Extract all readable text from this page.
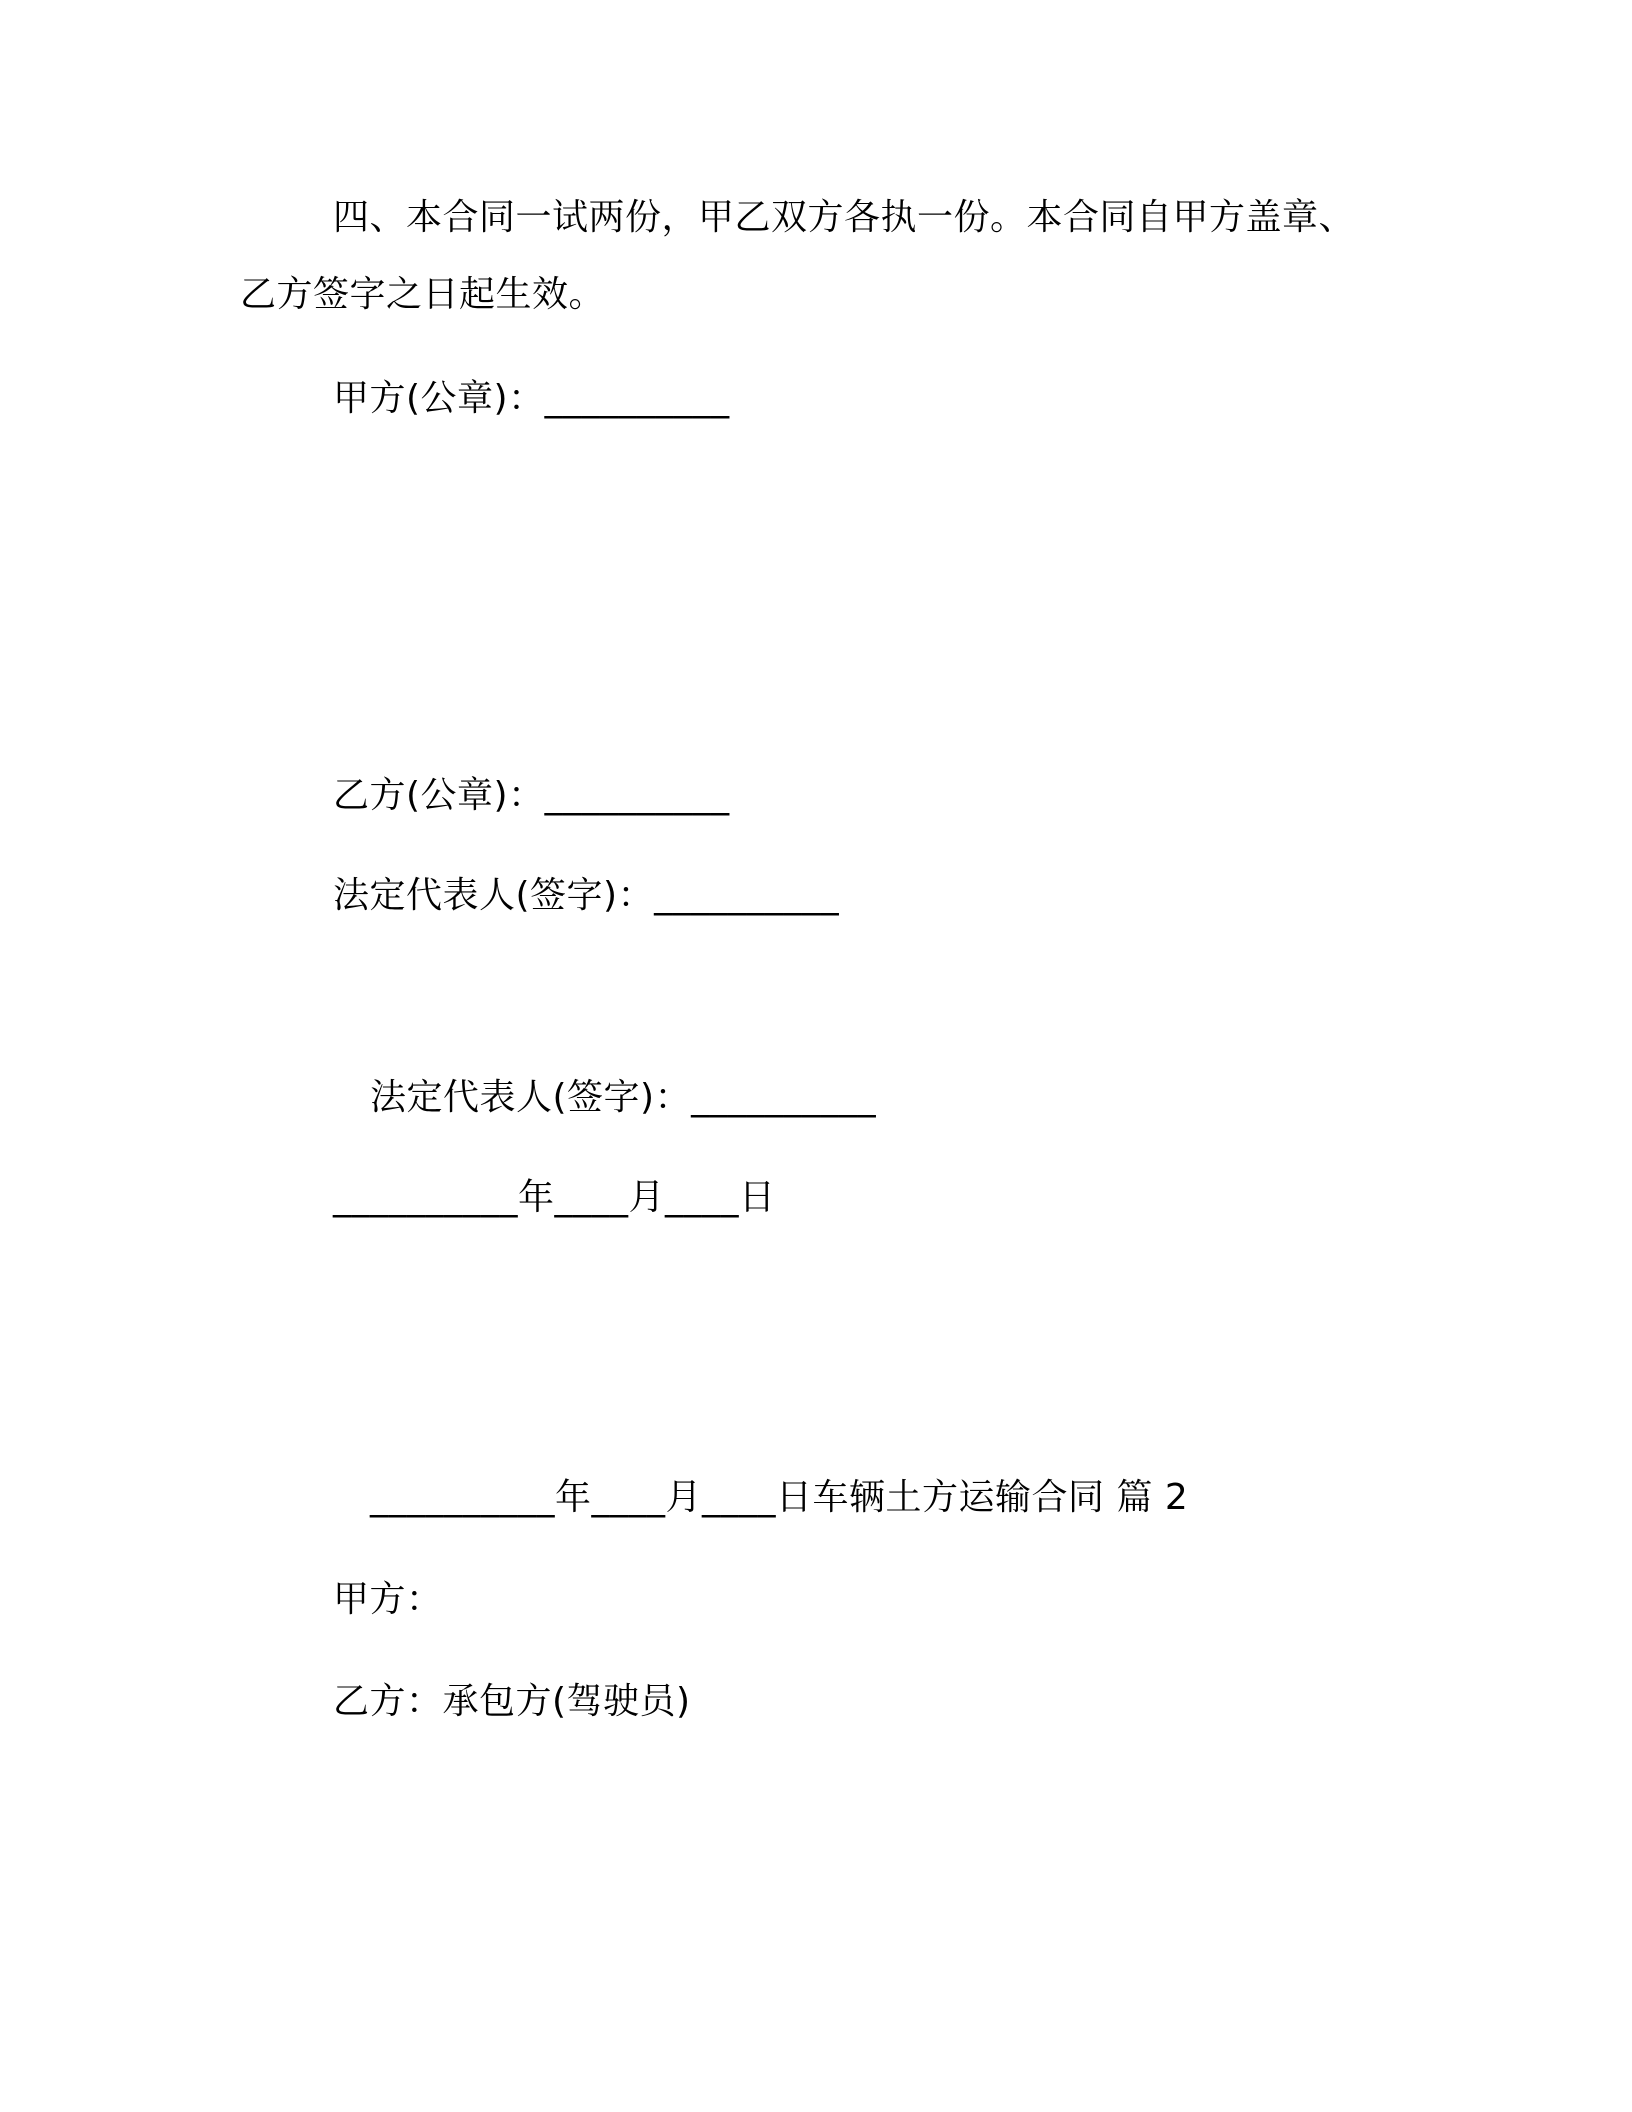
四、本合同一试两份，甲乙双方各执一份。本合同自甲方盖章、
乙方签字之日起生效。
甲方(公章)：__________
乙方(公章)：__________
法定代表人(签字)：__________
法定代表人(签字)：__________
__________年____月____日
__________年____月____日车辆土方运输合同 篇 2
甲方：
乙方：承包方(驾驶员)
